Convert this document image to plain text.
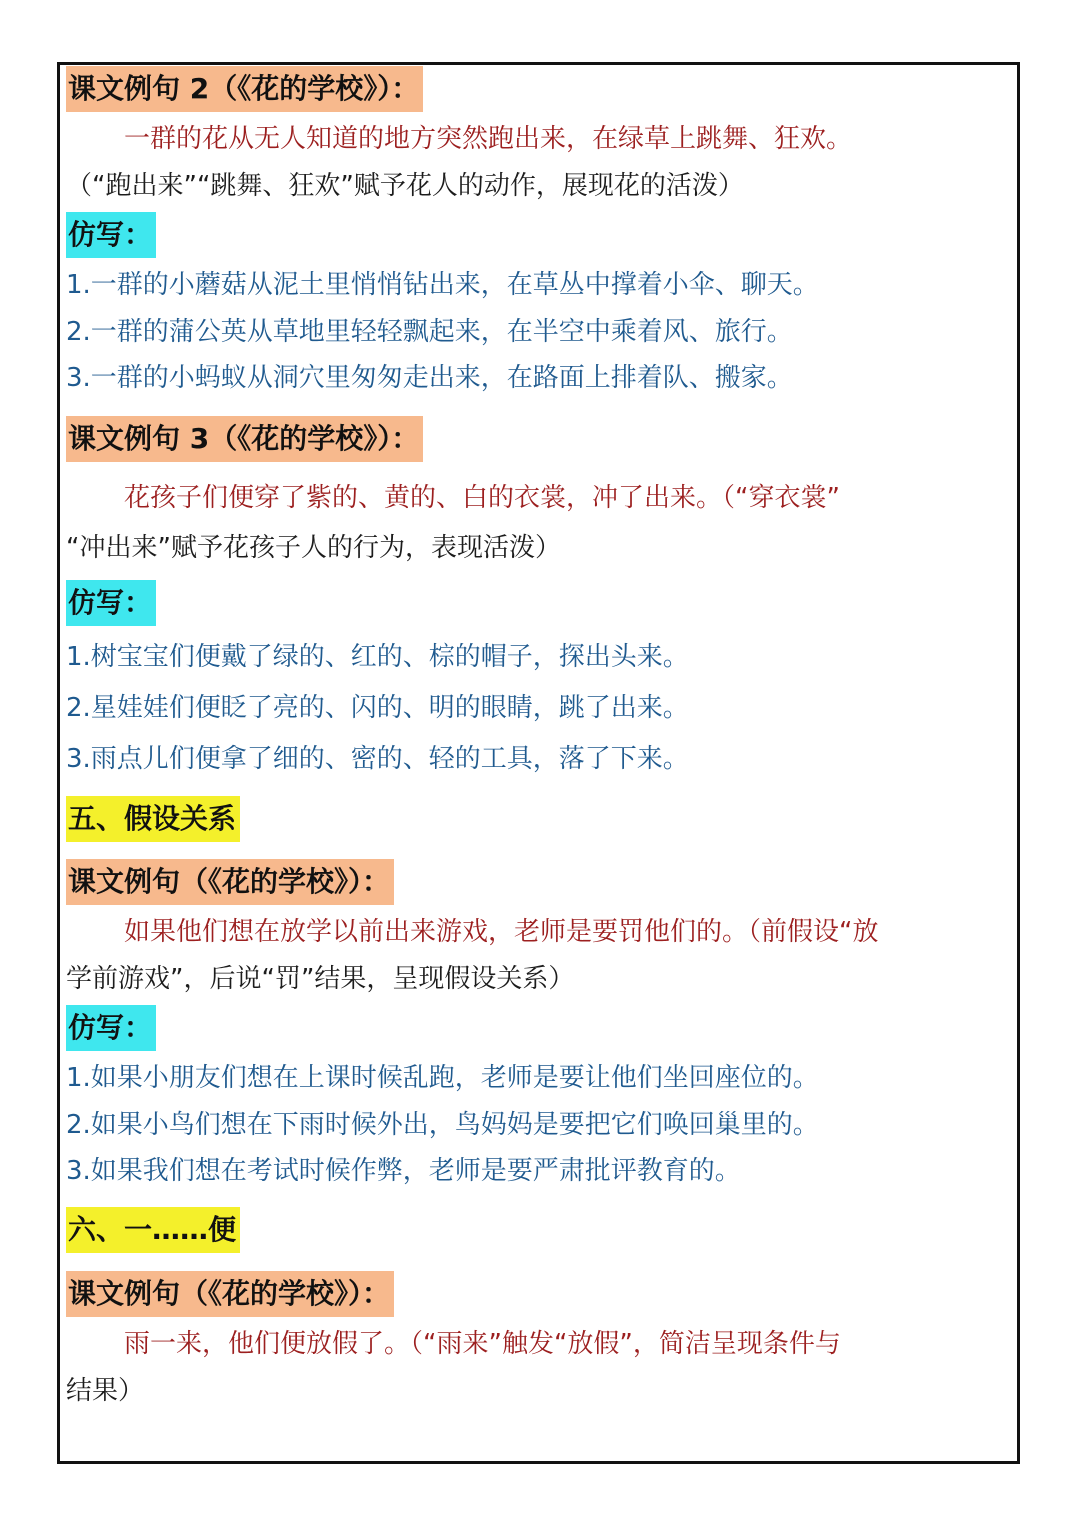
课文例句 2（《花的学校》）：
一群的花从无人知道的地方突然跑出来，在绿草上跳舞、狂欢。
（“跑出来”“跳舞、狂欢”赋予花人的动作，展现花的活泼）
仿写：
1.一群的小蘑菇从泥土里悄悄钻出来，在草丛中撑着小伞、聊天。
2.一群的蒲公英从草地里轻轻飘起来，在半空中乘着风、旅行。
3.一群的小蚂蚁从洞穴里匆匆走出来，在路面上排着队、搬家。
课文例句 3（《花的学校》）：
花孩子们便穿了紫的、黄的、白的衣裳，冲了出来。（“穿衣裳”
“冲出来”赋予花孩子人的行为，表现活泼）
仿写：
1.树宝宝们便戴了绿的、红的、棕的帽子，探出头来。
2.星娃娃们便眨了亮的、闪的、明的眼睛，跳了出来。
3.雨点儿们便拿了细的、密的、轻的工具，落了下来。
五、假设关系
课文例句（《花的学校》）：
如果他们想在放学以前出来游戏，老师是要罚他们的。（前假设“放
学前游戏”，后说“罚”结果，呈现假设关系）
仿写：
1.如果小朋友们想在上课时候乱跑，老师是要让他们坐回座位的。
2.如果小鸟们想在下雨时候外出，鸟妈妈是要把它们唤回巢里的。
3.如果我们想在考试时候作弊，老师是要严肃批评教育的。
六、一……便
课文例句（《花的学校》）：
雨一来，他们便放假了。（“雨来”触发“放假”，简洁呈现条件与
结果）
